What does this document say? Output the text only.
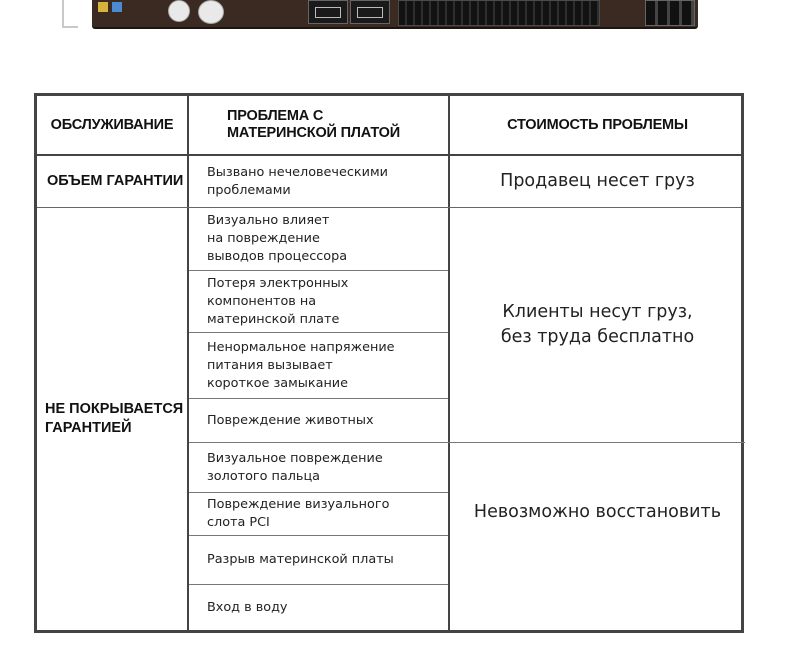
ОБСЛУЖИВАНИЕ
ПРОБЛЕМА С
МАТЕРИНСКОЙ ПЛАТОЙ	СТОИМОСТЬ ПРОБЛЕМЫ
ОБЪЕМ ГАРАНТИИ
НЕ ПОКРЫВАЕТСЯ
ГАРАНТИЕЙ
Вызвано нечеловеческими
проблемами
Визуально влияет
на повреждение
выводов процессора
Потеря электронных
компонентов на
материнской плате
Ненормальное напряжение
питания вызывает
короткое замыкание
Повреждение животных
Визуальное повреждение
золотого пальца
Повреждение визуального
слота PCI
Разрыв материнской платы
Вход в воду
Продавец несет груз
Клиенты несут груз,
без труда бесплатно
Невозможно восстановить
